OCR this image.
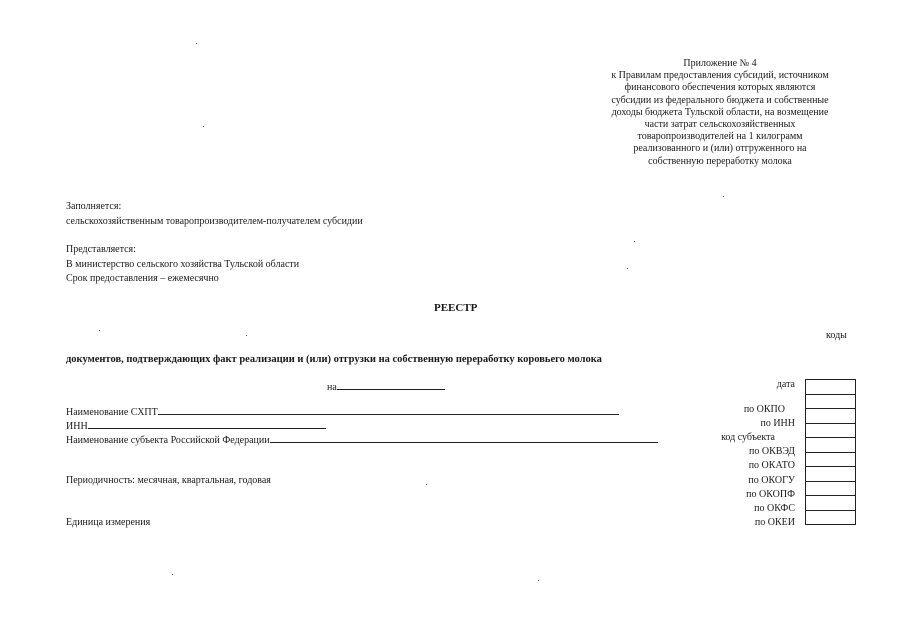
Приложение № 4
к Правилам предоставления субсидий, источником
финансового обеспечения которых являются
субсидии из федерального бюджета и собственные
доходы бюджета Тульской области, на возмещение
части затрат сельскохозяйственных
товаропроизводителей на 1 килограмм
реализованного и (или) отгруженного на
собственную переработку молока
Заполняется:
сельскохозяйственным товаропроизводителем-получателем субсидии
Представляется:
В министерство сельского хозяйства Тульской области
Срок предоставления – ежемесячно
РЕЕСТР
коды
документов, подтверждающих факт реализации и (или) отгрузки на собственную переработку коровьего молока
на
Наименование СХПТ
ИНН
Наименование субъекта Российской Федерации
Периодичность: месячная, квартальная, годовая
Единица измерения
дата
по ОКПО
по ИНН
код субъекта
по ОКВЭД
по ОКАТО
по ОКОГУ
по ОКОПФ
по ОКФС
по ОКЕИ
